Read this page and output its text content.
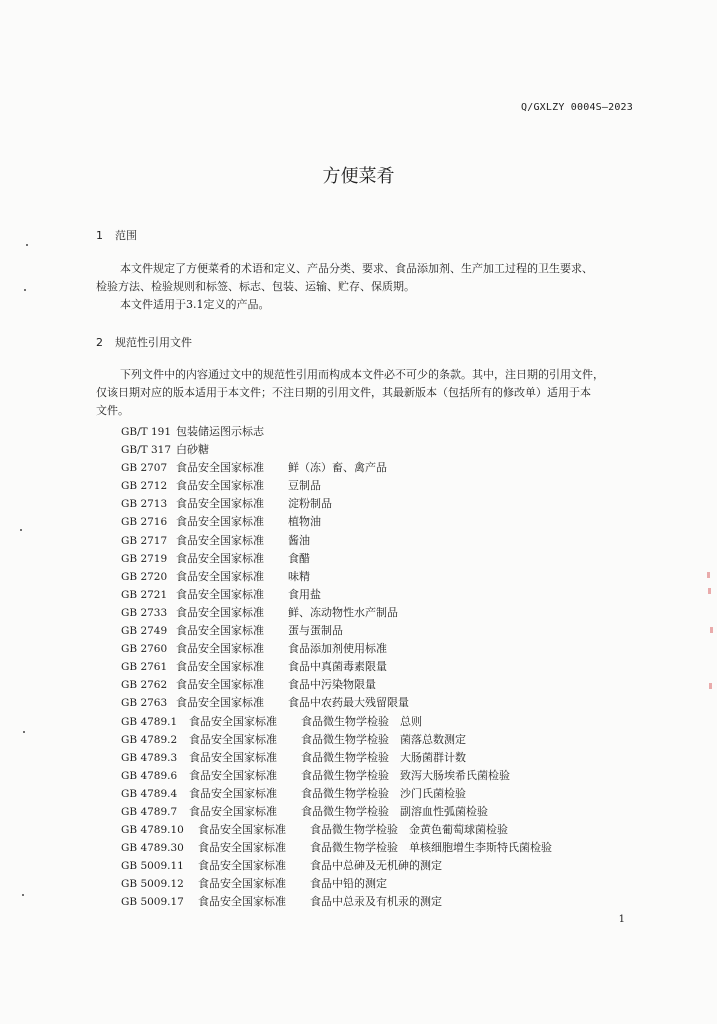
Q/GXLZY 0004S—2023
方便菜肴
1 范围
本文件规定了方便菜肴的术语和定义、产品分类、要求、食品添加剂、生产加工过程的卫生要求、
检验方法、检验规则和标签、标志、包装、运输、贮存、保质期。
本文件适用于3.1定义的产品。
2 规范性引用文件
下列文件中的内容通过文中的规范性引用而构成本文件必不可少的条款。其中，注日期的引用文件，
仅该日期对应的版本适用于本文件；不注日期的引用文件，其最新版本（包括所有的修改单）适用于本
文件。
GB/T 191 包装储运图示标志
GB/T 317 白砂糖
GB 2707 食品安全国家标准	鲜（冻）畜、禽产品
GB 2712 食品安全国家标准	豆制品
GB 2713 食品安全国家标准	淀粉制品
GB 2716 食品安全国家标准	植物油
GB 2717 食品安全国家标准	酱油
GB 2719 食品安全国家标准	食醋
GB 2720 食品安全国家标准	味精
GB 2721 食品安全国家标准	食用盐
GB 2733 食品安全国家标准	鲜、冻动物性水产制品
GB 2749 食品安全国家标准	蛋与蛋制品
GB 2760 食品安全国家标准	食品添加剂使用标准
GB 2761 食品安全国家标准	食品中真菌毒素限量
GB 2762 食品安全国家标准	食品中污染物限量
GB 2763 食品安全国家标准	食品中农药最大残留限量
GB 4789.1	食品安全国家标准	食品微生物学检验　总则
GB 4789.2	食品安全国家标准	食品微生物学检验　菌落总数测定
GB 4789.3	食品安全国家标准	食品微生物学检验　大肠菌群计数
GB 4789.6	食品安全国家标准	食品微生物学检验　致泻大肠埃希氏菌检验
GB 4789.4	食品安全国家标准	食品微生物学检验　沙门氏菌检验
GB 4789.7	食品安全国家标准	食品微生物学检验　副溶血性弧菌检验
GB 4789.10	食品安全国家标准	食品微生物学检验　金黄色葡萄球菌检验
GB 4789.30	食品安全国家标准	食品微生物学检验　单核细胞增生李斯特氏菌检验
GB 5009.11	食品安全国家标准	食品中总砷及无机砷的测定
GB 5009.12	食品安全国家标准	食品中铅的测定
GB 5009.17	食品安全国家标准	食品中总汞及有机汞的测定
1
